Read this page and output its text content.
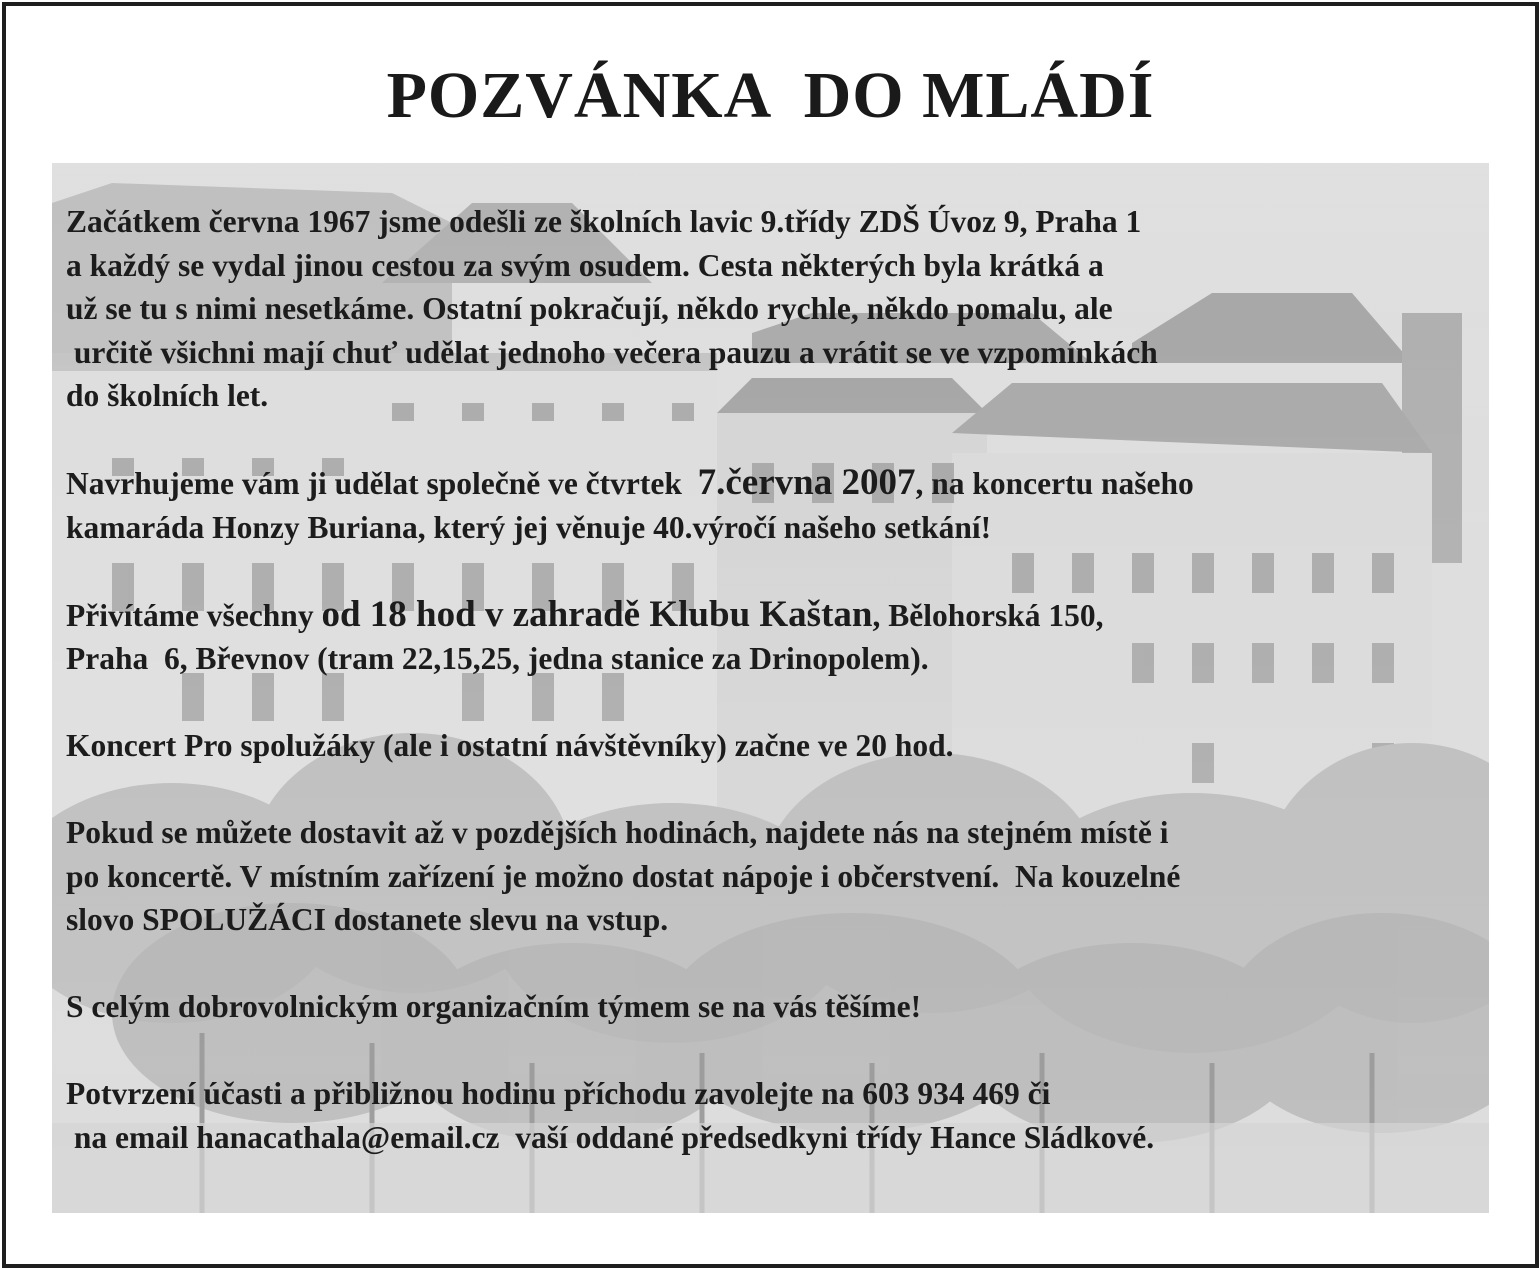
POZVÁNKA  DO MLÁDÍ

Začátkem června 1967 jsme odešli ze školních lavic 9.třídy ZDŠ Úvoz 9, Praha 1
a každý se vydal jinou cestou za svým osudem. Cesta některých byla krátká a
už se tu s nimi nesetkáme. Ostatní pokračují, někdo rychle, někdo pomalu, ale
určitě všichni mají chuť udělat jednoho večera pauzu a vrátit se ve vzpomínkách
do školních let.

Navrhujeme vám ji udělat společně ve čtvrtek  7.června 2007, na koncertu našeho
kamaráda Honzy Buriana, který jej věnuje 40.výročí našeho setkání!

Přivítáme všechny od 18 hod v zahradě Klubu Kaštan, Bělohorská 150,
Praha  6, Břevnov (tram 22,15,25, jedna stanice za Drinopolem).

Koncert Pro spolužáky (ale i ostatní návštěvníky) začne ve 20 hod.

Pokud se můžete dostavit až v pozdějších hodinách, najdete nás na stejném místě i
po koncertě. V místním zařízení je možno dostat nápoje i občerstvení.  Na kouzelné
slovo SPOLUŽÁCI dostanete slevu na vstup.

S celým dobrovolnickým organizačním týmem se na vás těšíme!

Potvrzení účasti a přibližnou hodinu příchodu zavolejte na 603 934 469 či
na email hanacathala@email.cz  vaší oddané předsedkyni třídy Hance Sládkové.
